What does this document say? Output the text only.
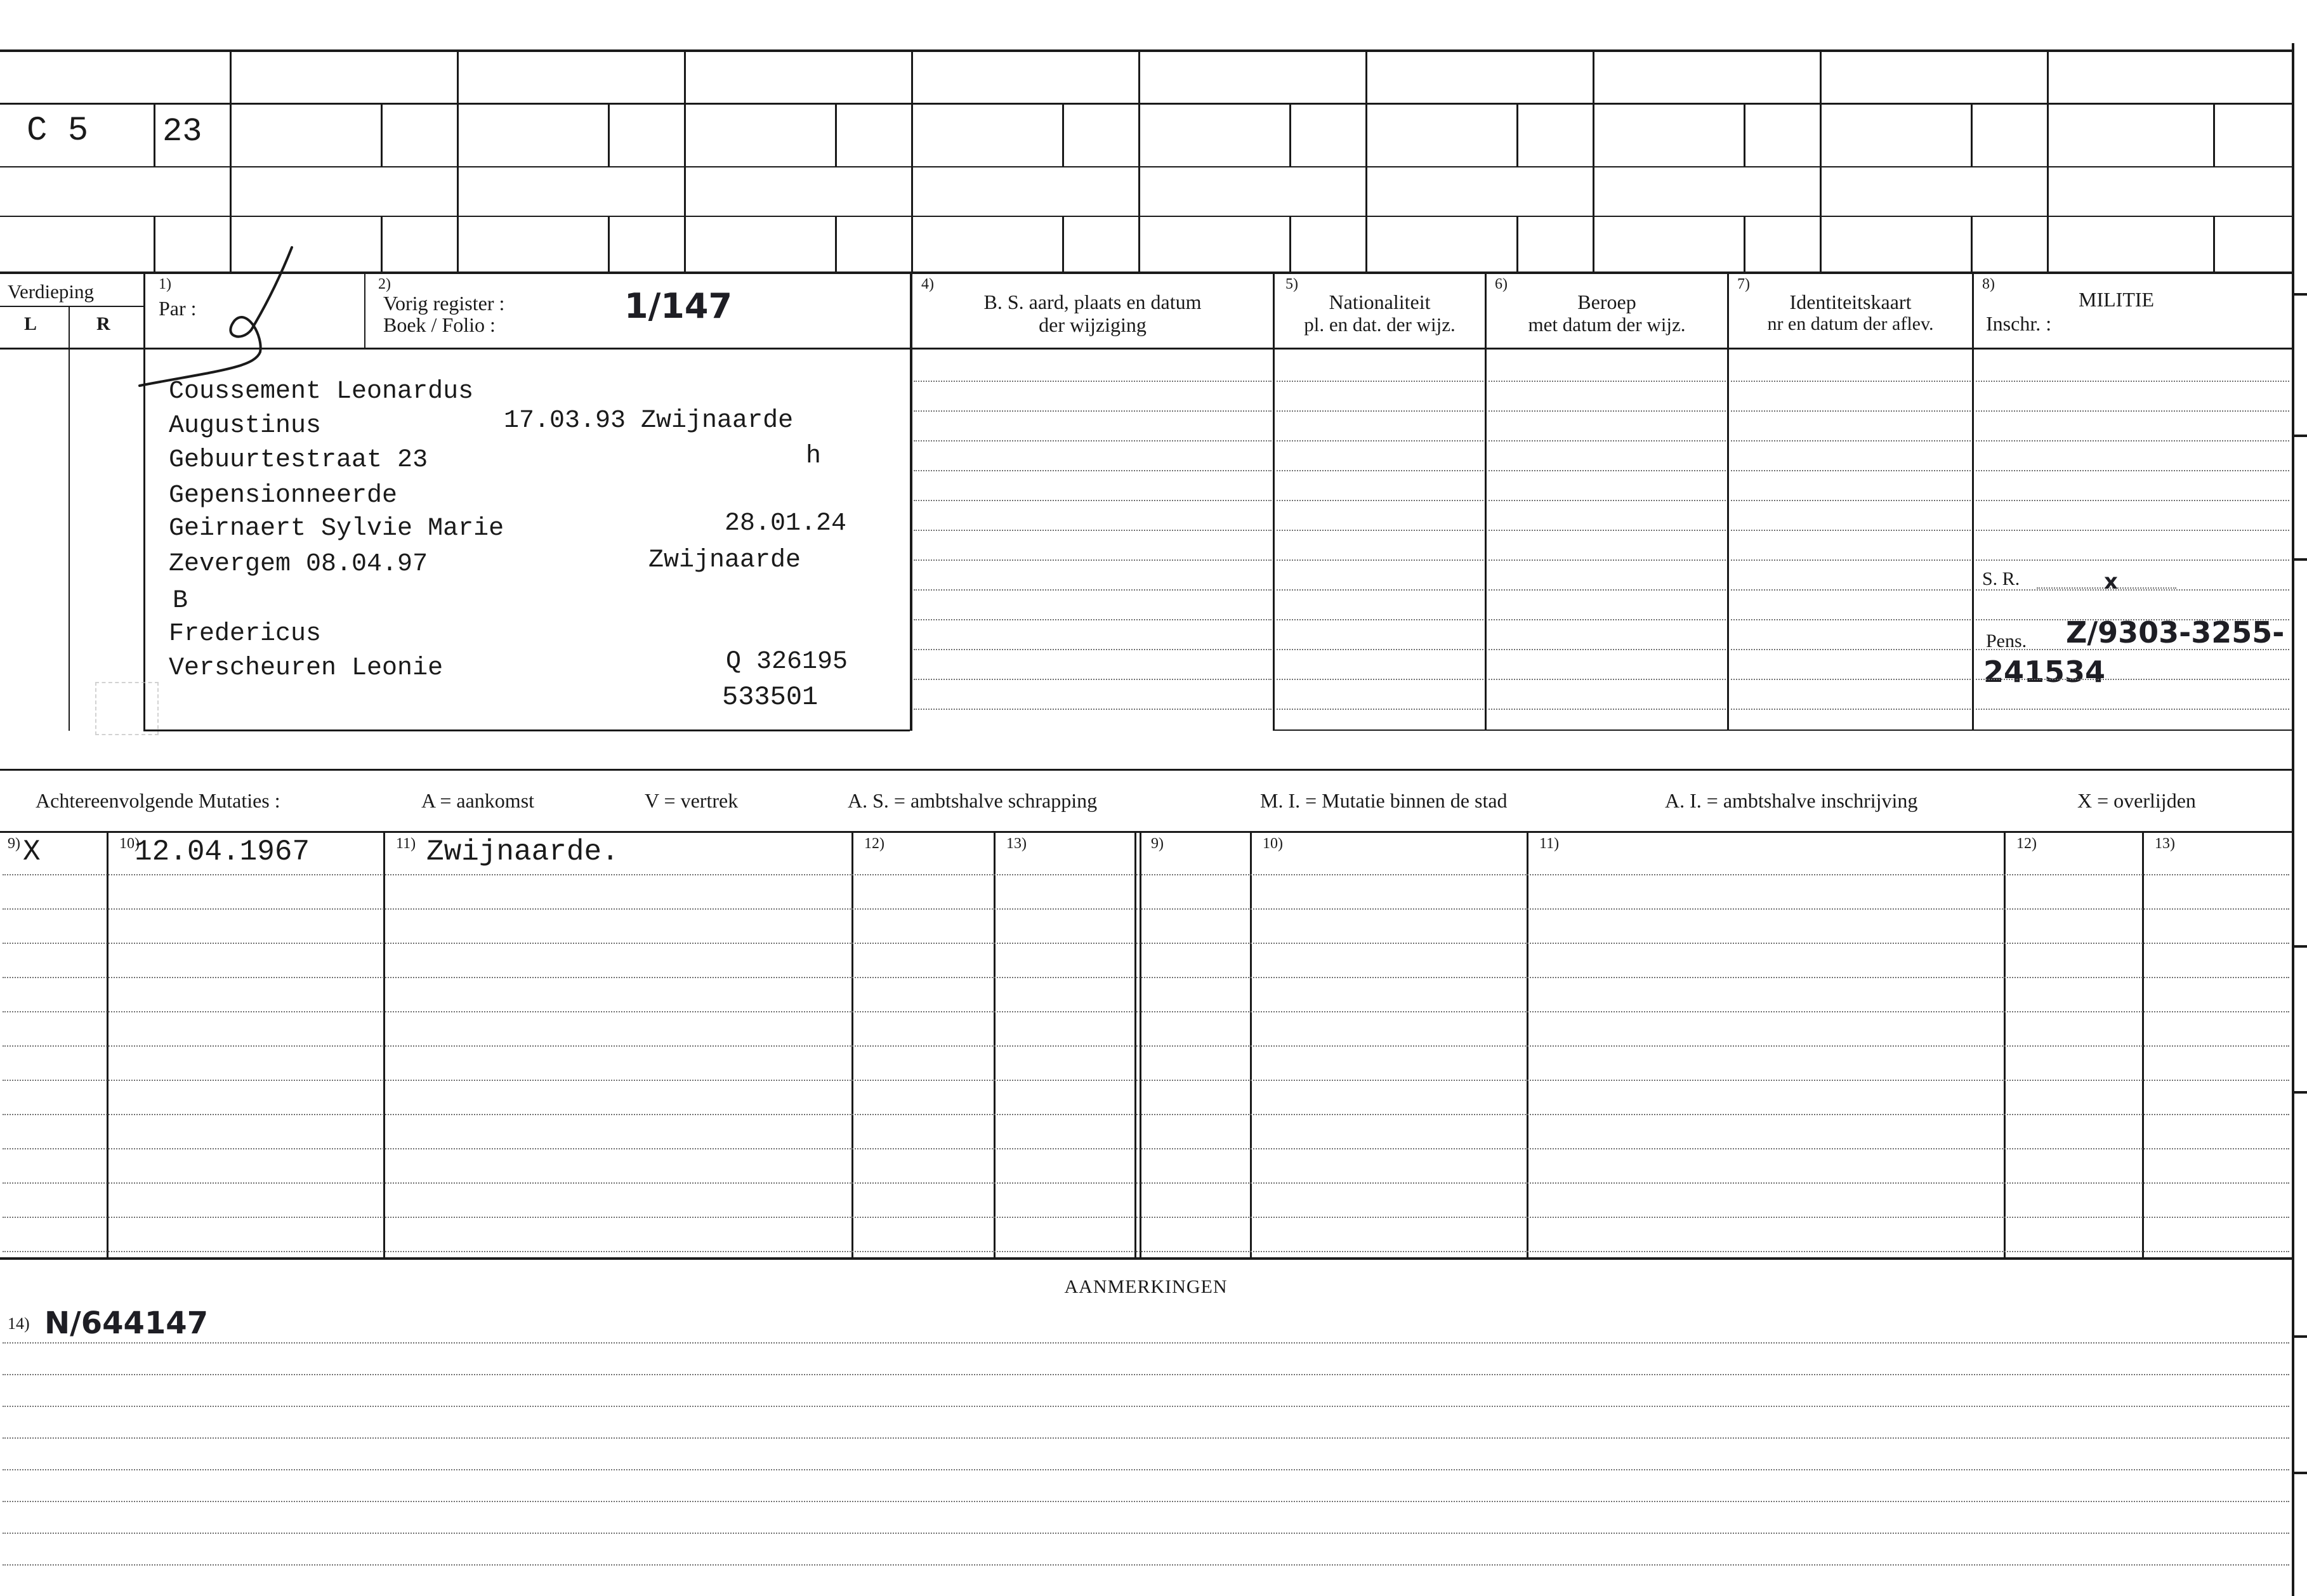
C 5 23
Verdieping
L	R
1)
Par :
2)
Vorig register :
Boek / Folio :	1/147
4)
B. S. aard, plaats en datum
der wijziging
5)
Nationaliteit
pl. en dat. der wijz.
6)
Beroep
met datum der wijz.
7)
Identiteitskaart
nr en datum der aflev.
8)
MILITIE
Inschr. :
Coussement Leonardus
Augustinus	17.03.93 Zwijnaarde
Gebuurtestraat 23	h
Gepensionneerde
Geirnaert Sylvie Marie	28.01.24
Zevergem 08.04.97	Zwijnaarde
B
Fredericus
Verscheuren Leonie	Q 326195
533501
S. R.	x
Pens. Z/9303-3255-
241534
Achtereenvolgende Mutaties :	A = aankomst	V = vertrek	A. S. = ambtshalve schrapping	M. I. = Mutatie binnen de stad	A. I. = ambtshalve inschrijving	X = overlijden
9)	10)	11)	12)	13)	9)	10)	11)	12)	13)
X	12.04.1967	Zwijnaarde.
AANMERKINGEN
14) N/644147
